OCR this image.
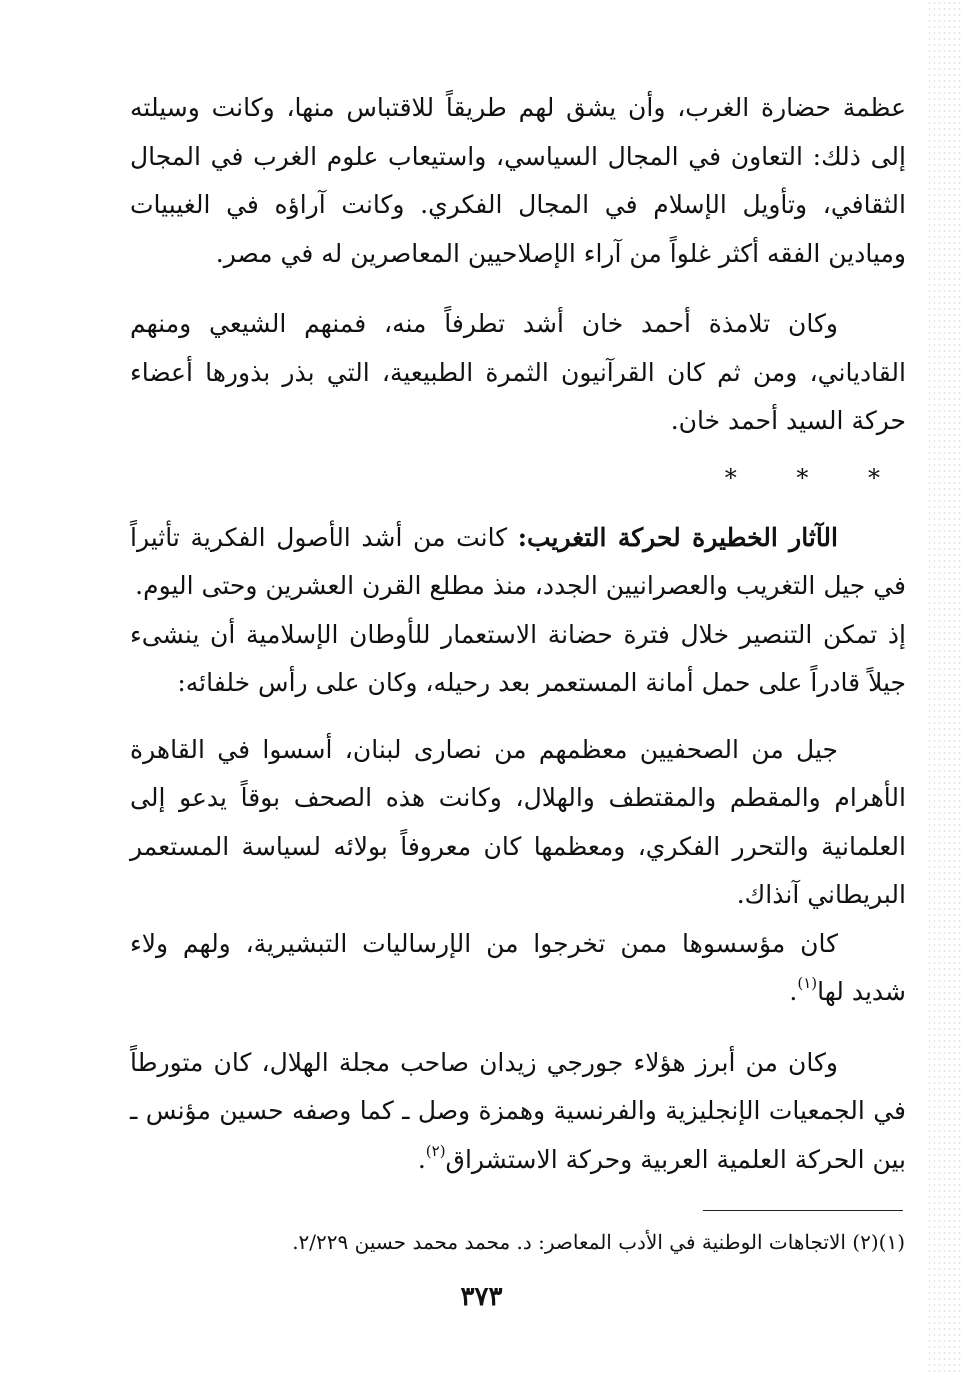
عظمة حضارة الغرب، وأن يشق لهم طريقاً للاقتباس منها، وكانت وسيلته إلى ذلك: التعاون في المجال السياسي، واستيعاب علوم الغرب في المجال الثقافي، وتأويل الإسلام في المجال الفكري. وكانت آراؤه في الغيبيات وميادين الفقه أكثر غلواً من آراء الإصلاحيين المعاصرين له في مصر.

وكان تلامذة أحمد خان أشد تطرفاً منه، فمنهم الشيعي ومنهم القادياني، ومن ثم كان القرآنيون الثمرة الطبيعية، التي بذر بذورها أعضاء حركة السيد أحمد خان.

* * *

الآثار الخطيرة لحركة التغريب: كانت من أشد الأصول الفكرية تأثيراً في جيل التغريب والعصرانيين الجدد، منذ مطلع القرن العشرين وحتى اليوم.

إذ تمكن التنصير خلال فترة حضانة الاستعمار للأوطان الإسلامية أن ينشىء جيلاً قادراً على حمل أمانة المستعمر بعد رحيله، وكان على رأس خلفائه:

جيل من الصحفيين معظمهم من نصارى لبنان، أسسوا في القاهرة الأهرام والمقطم والمقتطف والهلال، وكانت هذه الصحف بوقاً يدعو إلى العلمانية والتحرر الفكري، ومعظمها كان معروفاً بولائه لسياسة المستعمر البريطاني آنذاك.

كان مؤسسوها ممن تخرجوا من الإرساليات التبشيرية، ولهم ولاء شديد لها$^{(١)}$.

وكان من أبرز هؤلاء جورجي زيدان صاحب مجلة الهلال، كان متورطاً في الجمعيات الإنجليزية والفرنسية وهمزة وصل ـ كما وصفه حسين مؤنس ـ بين الحركة العلمية العربية وحركة الاستشراق$^{(٢)}$.

(١)(٢) الاتجاهات الوطنية في الأدب المعاصر: د. محمد محمد حسين ٢/٢٢٩.
٣٧٣
